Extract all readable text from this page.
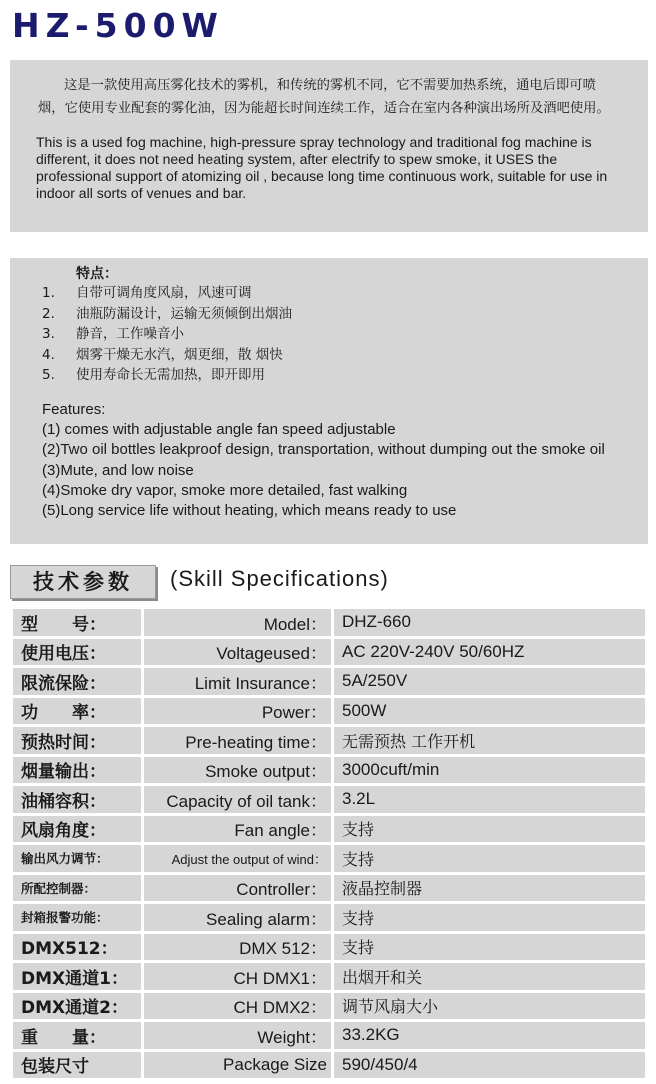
HZ-500W

这是一款使用高压雾化技术的雾机，和传统的雾机不同，它不需要加热系统，通电后即可喷烟，它使用专业配套的雾化油，因为能超长时间连续工作，适合在室内各种演出场所及酒吧使用。

This is a used fog machine, high-pressure spray technology and traditional fog machine is different, it does not need heating system, after electrify to spew smoke, it USES the professional support of atomizing oil , because long time continuous work, suitable for use in indoor all sorts of venues and bar.

特点：
1. 自带可调角度风扇，风速可调
2. 油瓶防漏设计，运输无须倾倒出烟油
3. 静音，工作噪音小
4. 烟雾干燥无水汽，烟更细，散 烟快
5. 使用寿命长无需加热，即开即用
Features:
(1) comes with adjustable angle fan speed adjustable
(2)Two oil bottles leakproof design, transportation, without dumping out the smoke oil
(3)Mute, and low noise
(4)Smoke dry vapor, smoke more detailed, fast walking
(5)Long service life without heating, which means ready to use
技术参数	(Skill Specifications)
型　　号：	Model：	DHZ-660
使用电压：	Voltageused：	AC 220V-240V 50/60HZ
限流保险：	Limit Insurance：	5A/250V
功　　率：	Power：	500W
预热时间：	Pre-heating time：	无需预热 工作开机
烟量输出：	Smoke output：	3000cuft/min
油桶容积：	Capacity of oil tank：	3.2L
风扇角度：	Fan angle：	支持
输出风力调节：	Adjust the output of wind：	支持
所配控制器：	Controller：	液晶控制器
封箱报警功能：	Sealing alarm：	支持
DMX512：	DMX 512：	支持
DMX通道1：	CH DMX1：	出烟开和关
DMX通道2：	CH DMX2：	调节风扇大小
重　　量：	Weight：	33.2KG
包装尺寸	Package Size	590/450/4
